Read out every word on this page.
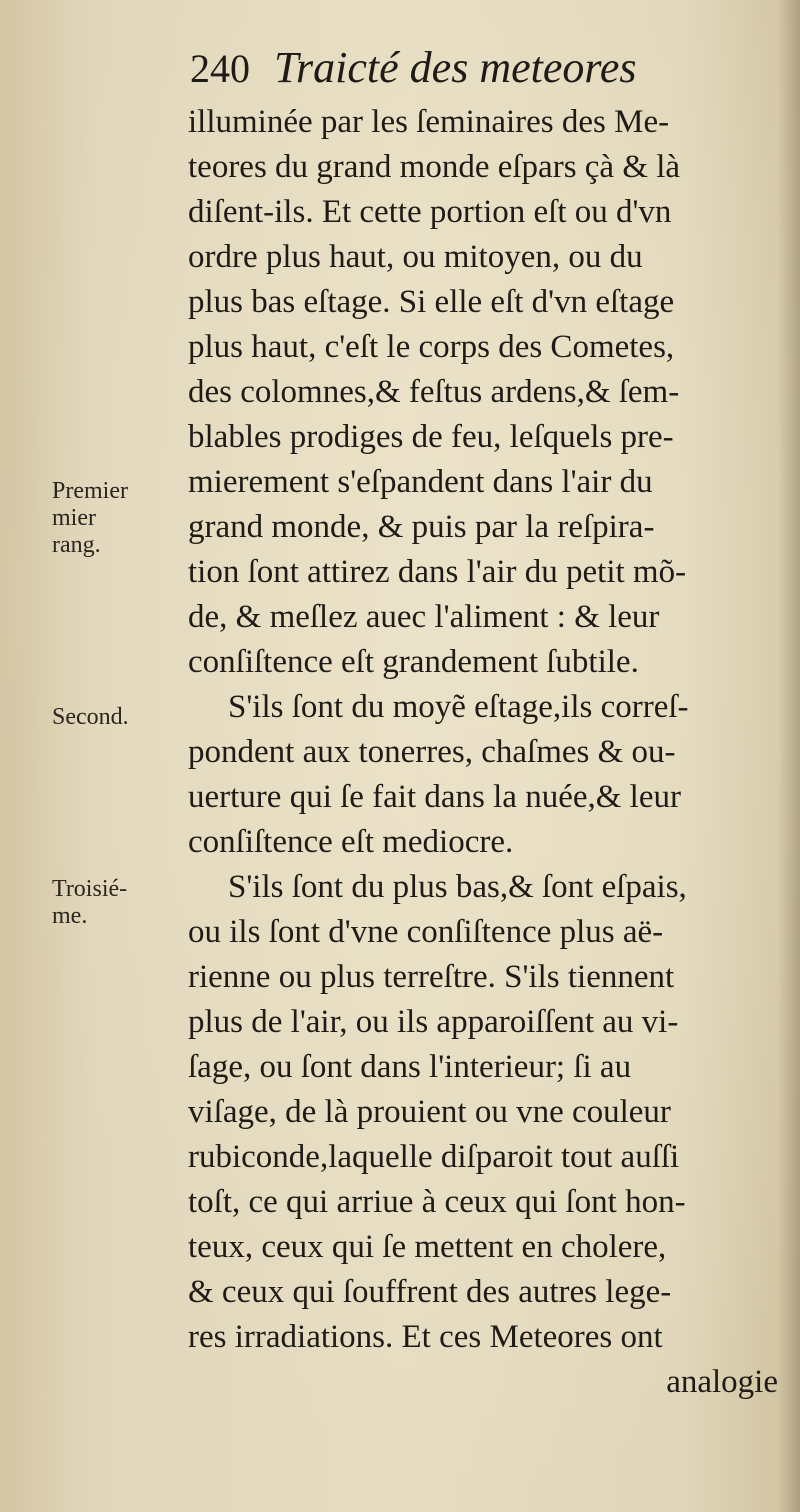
240 Traicté des meteores
Premier
mier
rang.
Second.
Troisié-
me.
illuminée par les ſeminaires des Me-
teores du grand monde eſpars çà & là
diſent-ils. Et cette portion eſt ou d'vn
ordre plus haut, ou mitoyen, ou du
plus bas eſtage. Si elle eſt d'vn eſtage
plus haut, c'eſt le corps des Cometes,
des colomnes,& feſtus ardens,& ſem-
blables prodiges de feu, leſquels pre-
mierement s'eſpandent dans l'air du
grand monde, & puis par la reſpira-
tion ſont attirez dans l'air du petit mõ-
de, & meſlez auec l'aliment : & leur
conſiſtence eſt grandement ſubtile.
S'ils ſont du moyẽ eſtage,ils correſ-
pondent aux tonerres, chaſmes & ou-
uerture qui ſe fait dans la nuée,& leur
conſiſtence eſt mediocre.
S'ils ſont du plus bas,& ſont eſpais,
ou ils ſont d'vne conſiſtence plus aë-
rienne ou plus terreſtre. S'ils tiennent
plus de l'air, ou ils apparoiſſent au vi-
ſage, ou ſont dans l'interieur; ſi au
viſage, de là prouient ou vne couleur
rubiconde,laquelle diſparoit tout auſſi
toſt, ce qui arriue à ceux qui ſont hon-
teux, ceux qui ſe mettent en cholere,
& ceux qui ſouffrent des autres lege-
res irradiations. Et ces Meteores ont
analogie
